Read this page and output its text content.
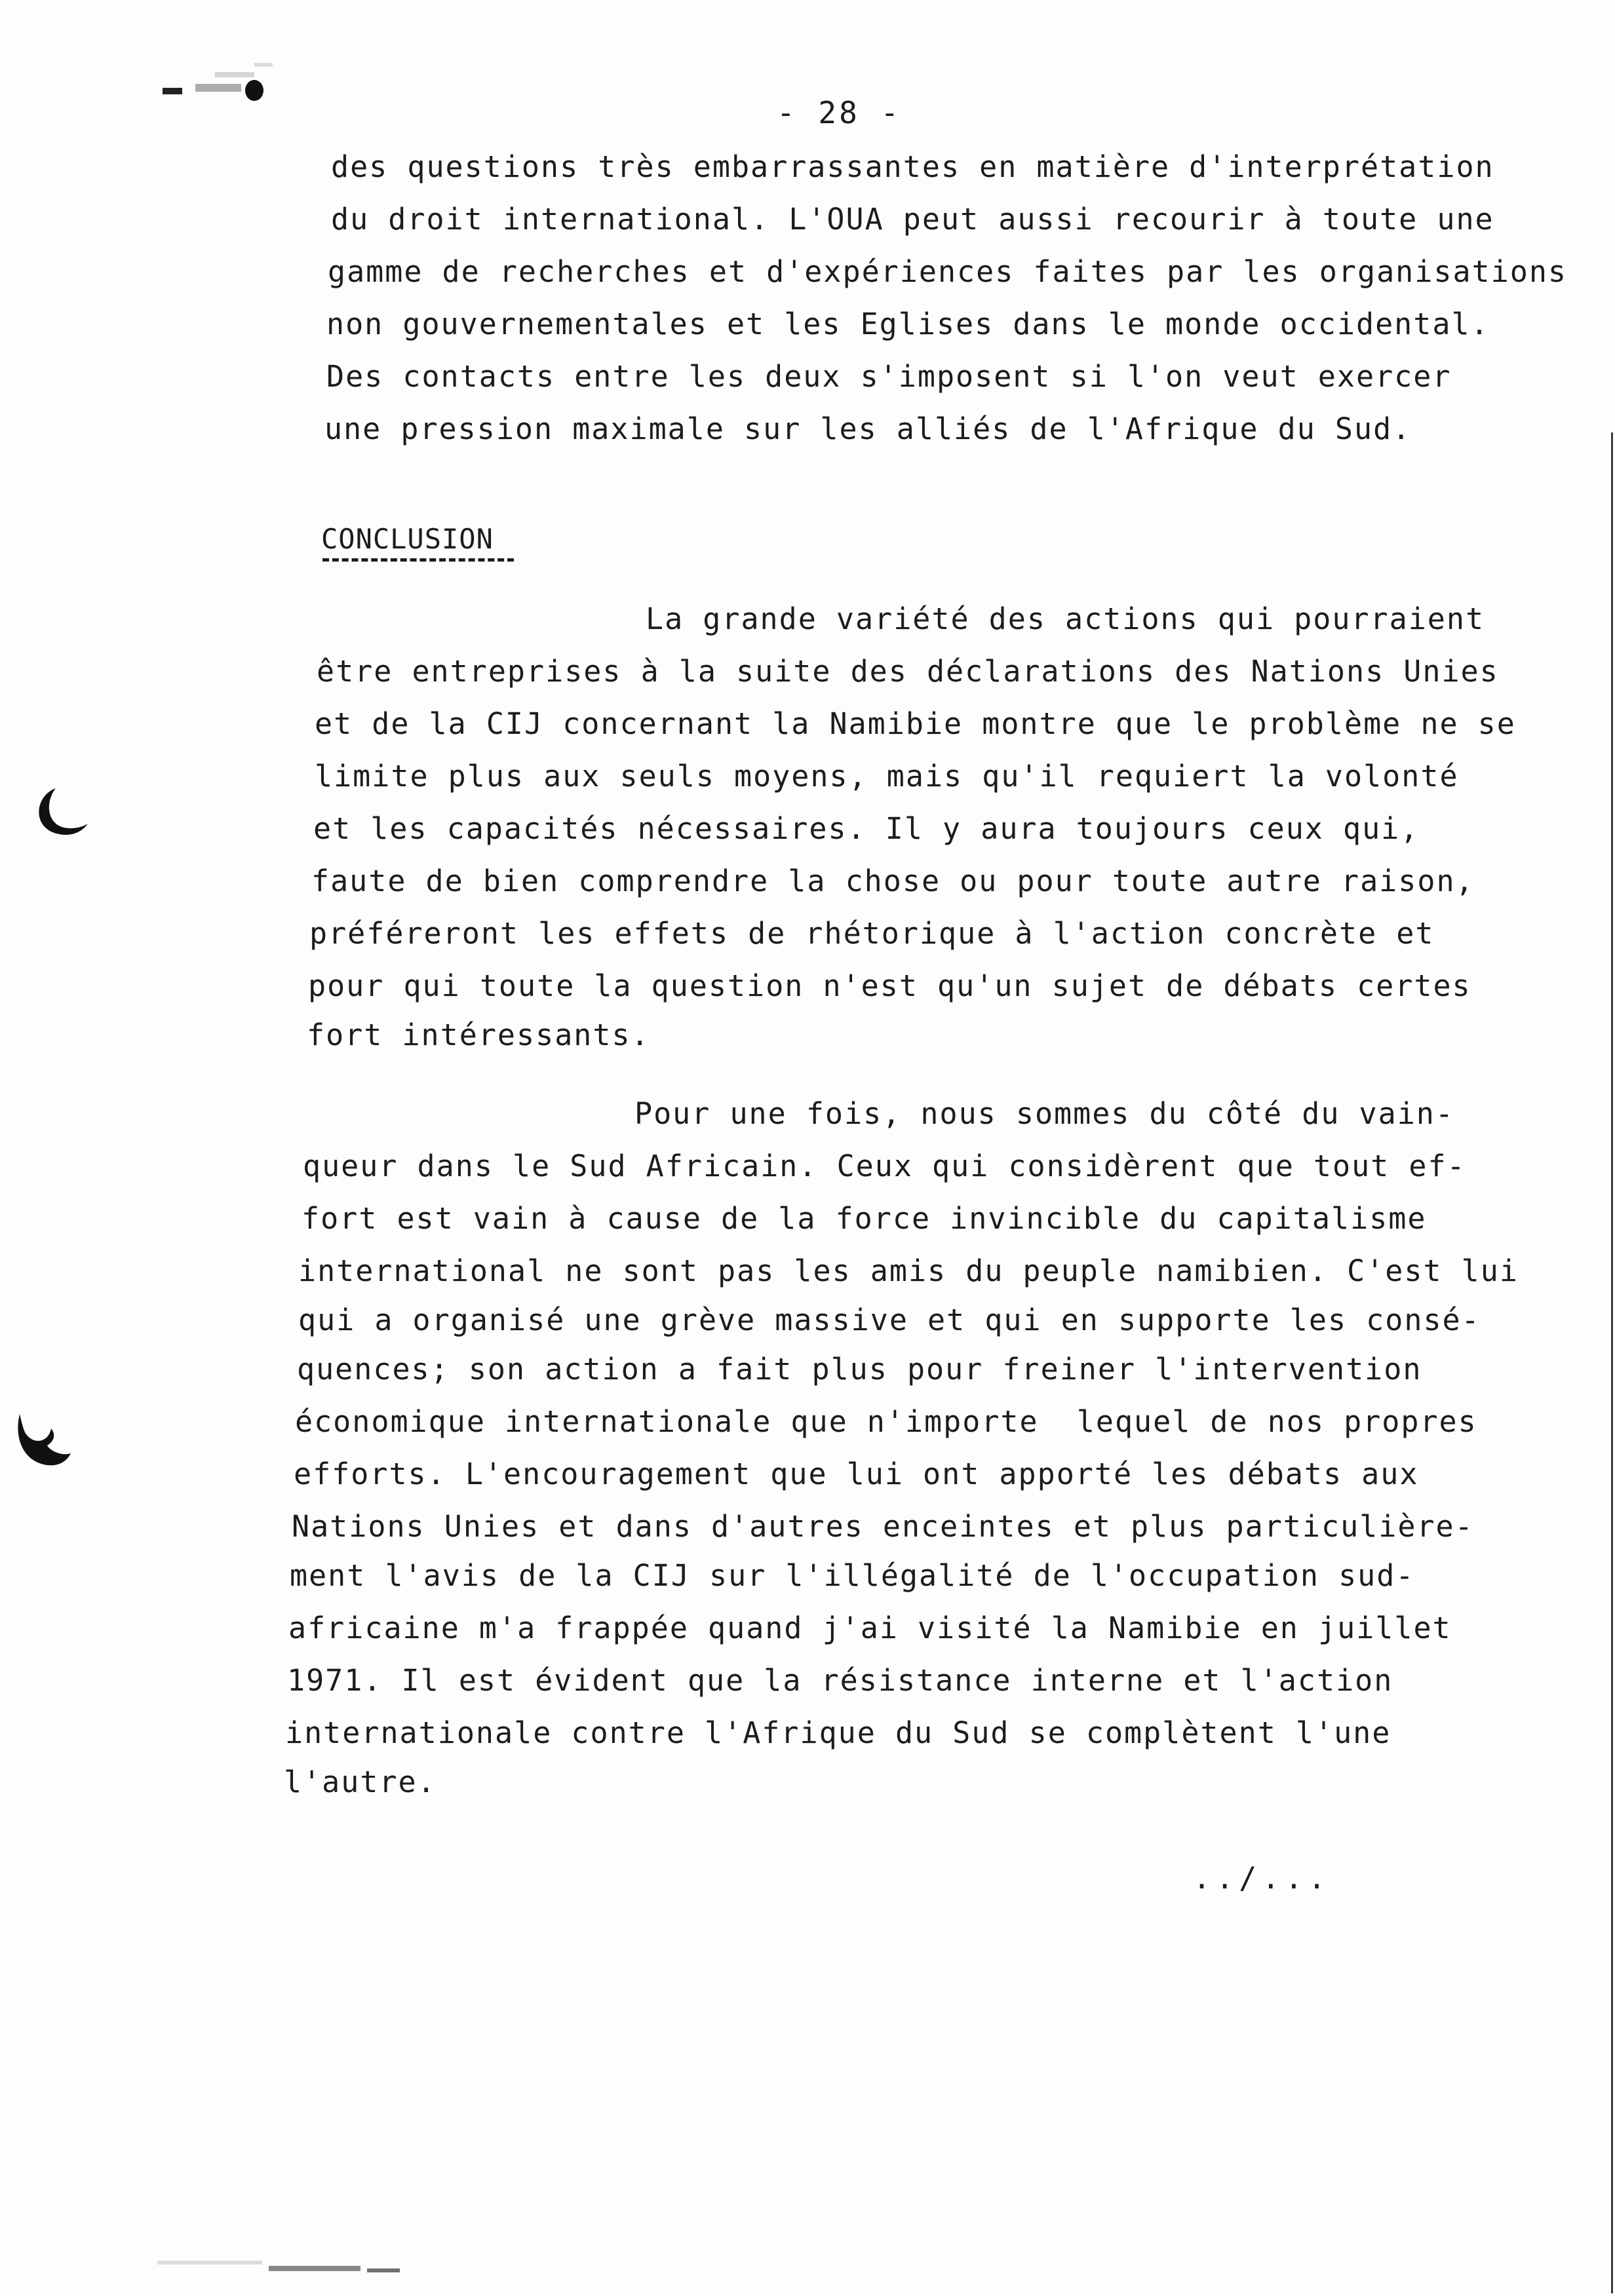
- 28 -
des questions très embarrassantes en matière d'interprétation
du droit international. L'OUA peut aussi recourir à toute une
gamme de recherches et d'expériences faites par les organisations
non gouvernementales et les Eglises dans le monde occidental.
Des contacts entre les deux s'imposent si l'on veut exercer
une pression maximale sur les alliés de l'Afrique du Sud.
CONCLUSION
La grande variété des actions qui pourraient
être entreprises à la suite des déclarations des Nations Unies
et de la CIJ concernant la Namibie montre que le problème ne se
limite plus aux seuls moyens, mais qu'il requiert la volonté
et les capacités nécessaires. Il y aura toujours ceux qui,
faute de bien comprendre la chose ou pour toute autre raison,
préféreront les effets de rhétorique à l'action concrète et
pour qui toute la question n'est qu'un sujet de débats certes
fort intéressants.
Pour une fois, nous sommes du côté du vain-
queur dans le Sud Africain. Ceux qui considèrent que tout ef-
fort est vain à cause de la force invincible du capitalisme
international ne sont pas les amis du peuple namibien. C'est lui
qui a organisé une grève massive et qui en supporte les consé-
quences; son action a fait plus pour freiner l'intervention
économique internationale que n'importe  lequel de nos propres
efforts. L'encouragement que lui ont apporté les débats aux
Nations Unies et dans d'autres enceintes et plus particulière-
ment l'avis de la CIJ sur l'illégalité de l'occupation sud-
africaine m'a frappée quand j'ai visité la Namibie en juillet
1971. Il est évident que la résistance interne et l'action
internationale contre l'Afrique du Sud se complètent l'une
l'autre.
../...
